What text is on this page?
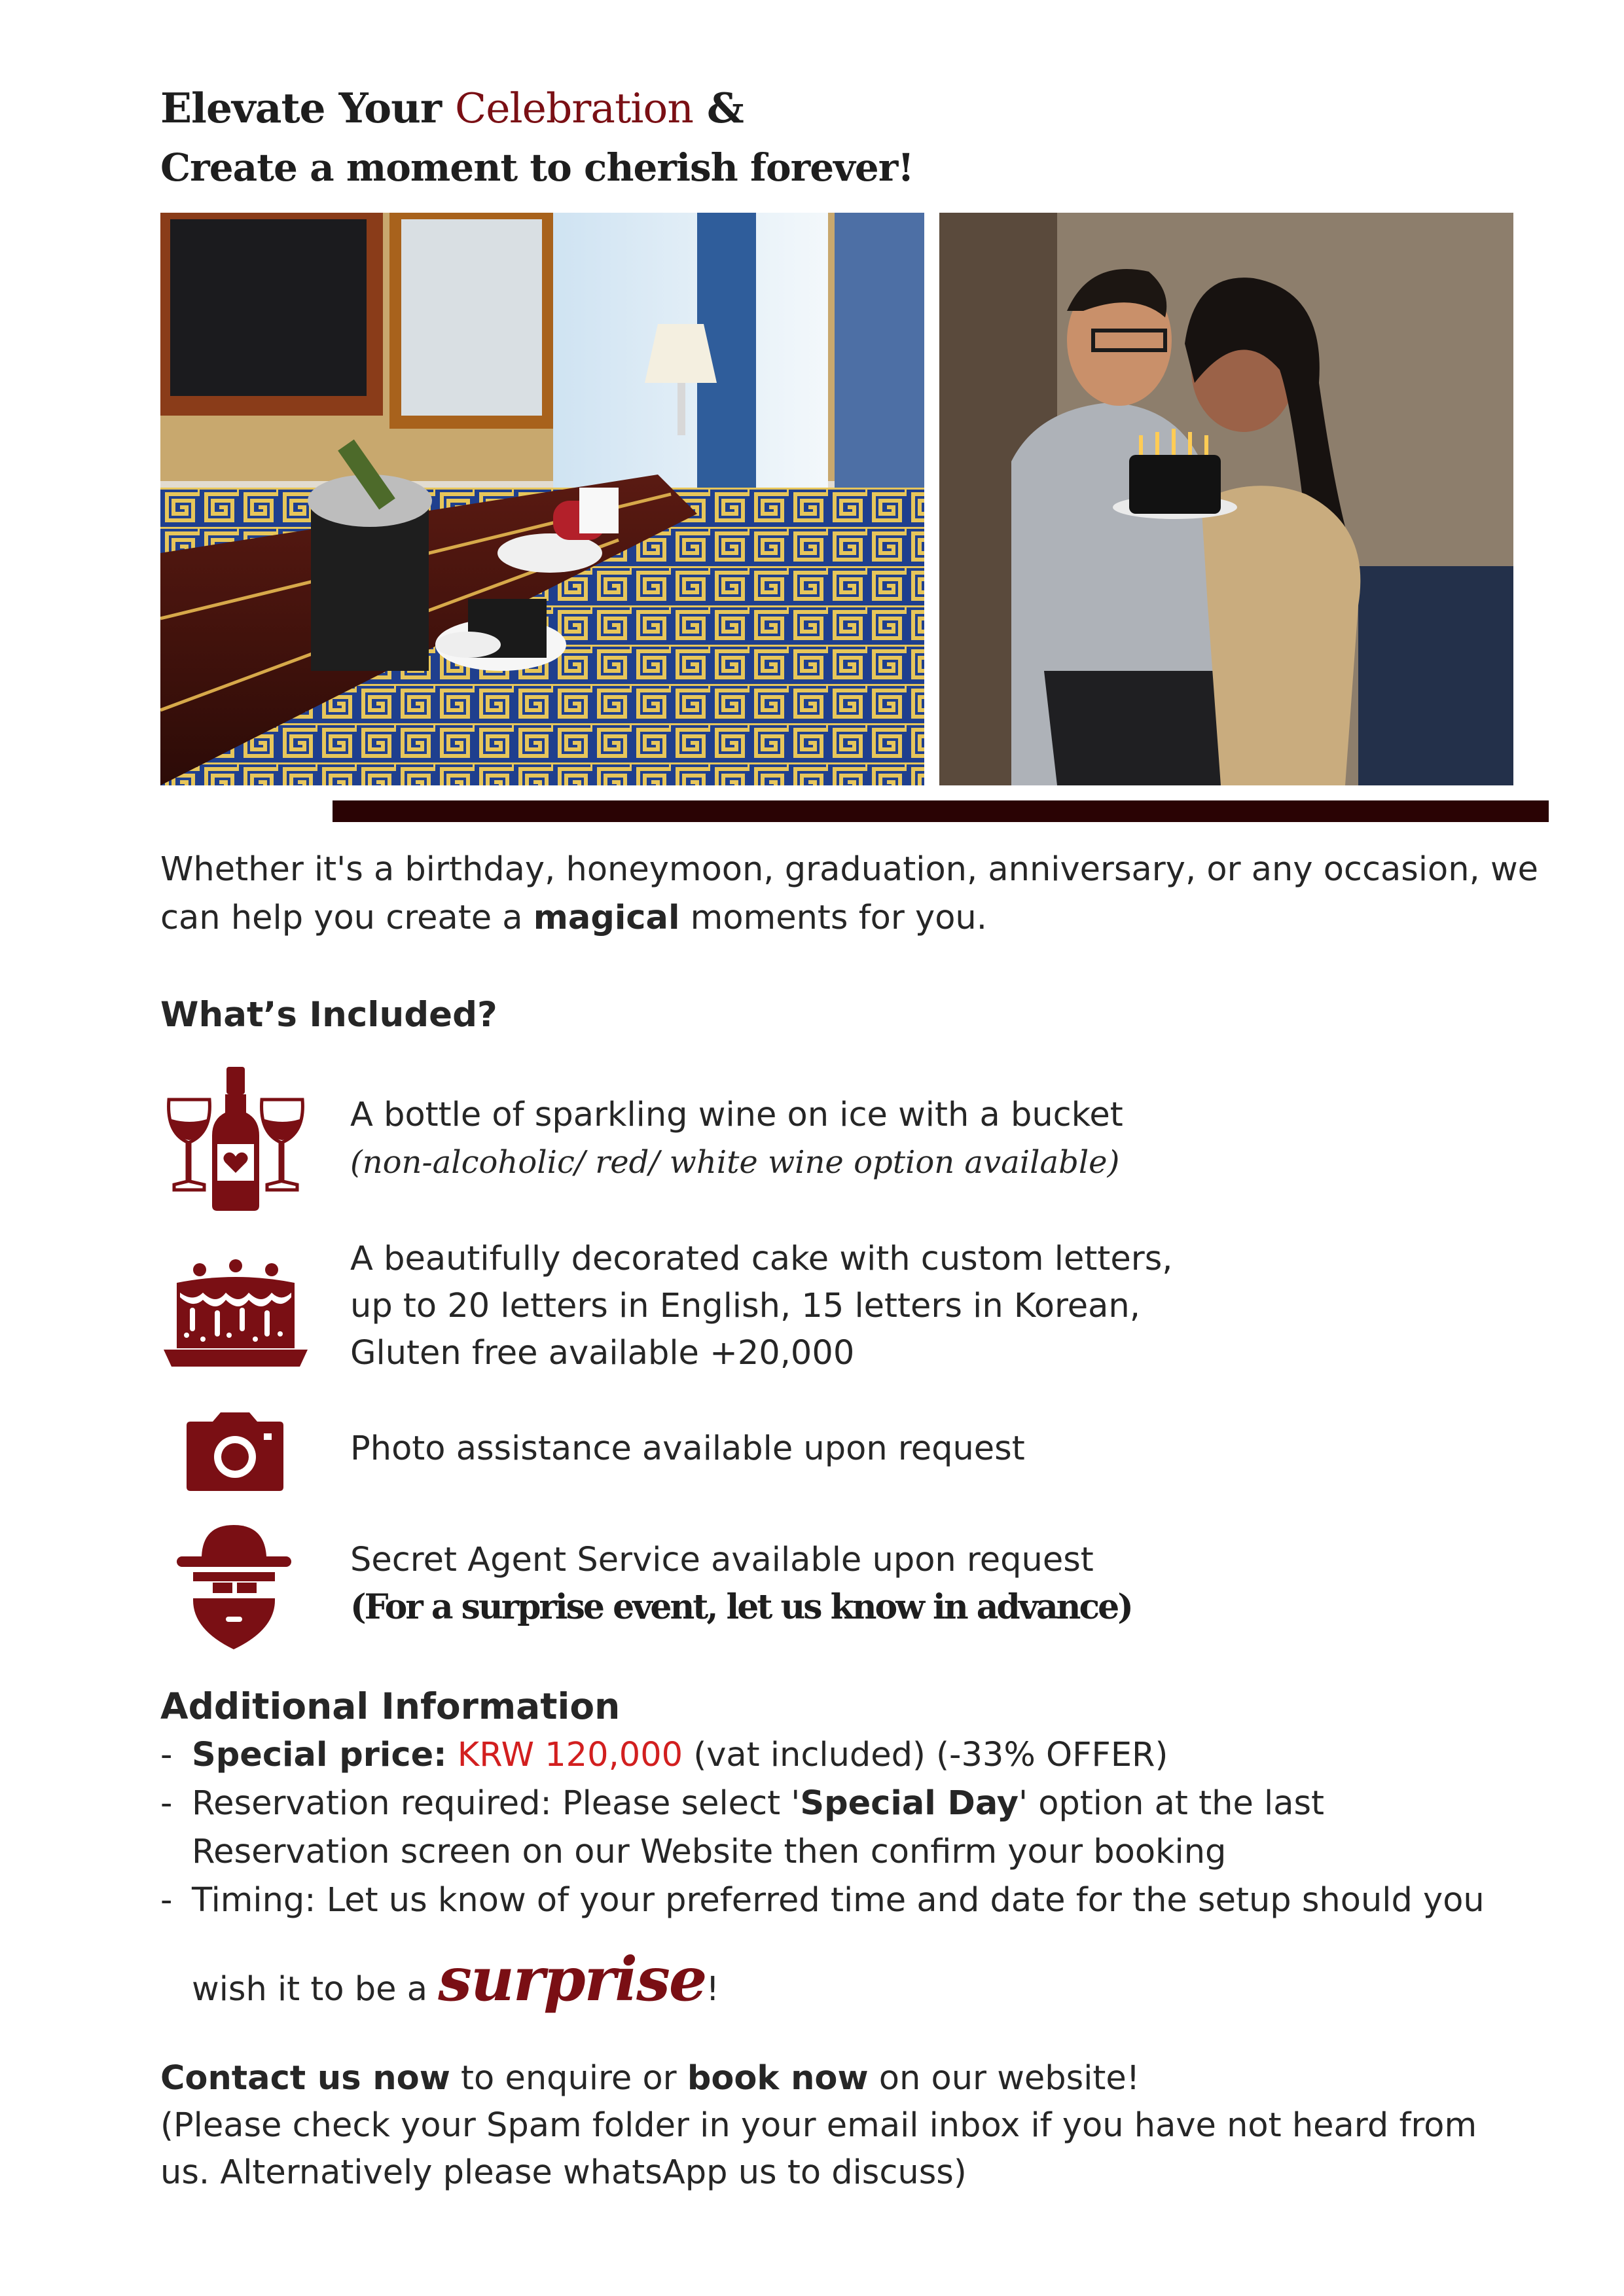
Elevate Your Celebration &
Create a moment to cherish forever!
Whether it's a birthday, honeymoon, graduation, anniversary, or any occasion, we can help you create a magical moments for you.
What’s Included?
A bottle of sparkling wine on ice with a bucket
(non-alcoholic/ red/ white wine option available)
A beautifully decorated cake with custom letters,
up to 20 letters in English, 15 letters in Korean,
Gluten free available +20,000
Photo assistance available upon request
Secret Agent Service available upon request
(For a surprise event, let us know in advance)
Additional Information
- Special price: KRW 120,000 (vat included) (-33% OFFER)
- Reservation required: Please select 'Special Day' option at the last
Reservation screen on our Website then confirm your booking
- Timing: Let us know of your preferred time and date for the setup should you
wish it to be a surprise!
Contact us now to enquire or book now on our website!
(Please check your Spam folder in your email inbox if you have not heard from
us. Alternatively please whatsApp us to discuss)
